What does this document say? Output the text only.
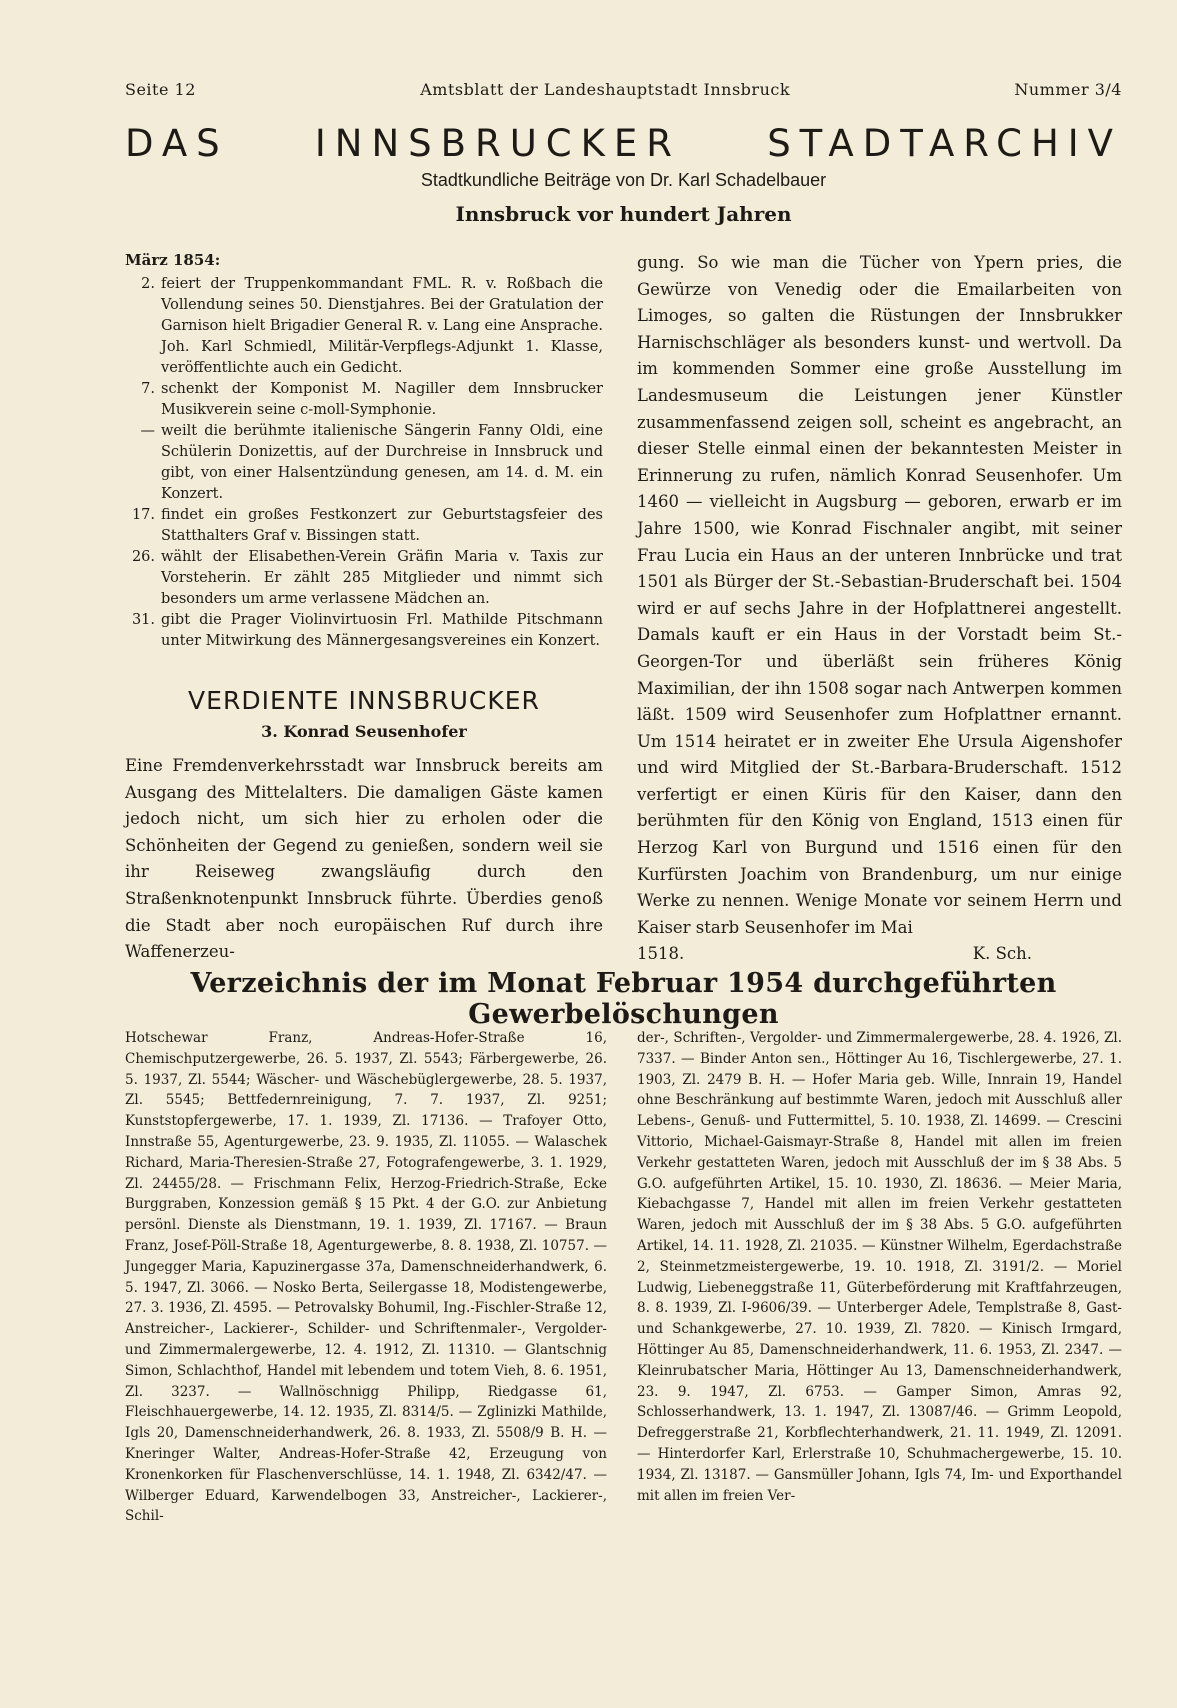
Seite 12	Amtsblatt der Landeshauptstadt Innsbruck	Nummer 3/4
DAS INNSBRUCKER STADTARCHIV
Stadtkundliche Beiträge von Dr. Karl Schadelbauer
Innsbruck vor hundert Jahren

März 1854:

2. feiert der Truppenkommandant FML. R. v. Roßbach die Vollendung seines 50. Dienstjahres. Bei der Gratulation der Garnison hielt Brigadier General R. v. Lang eine Ansprache. Joh. Karl Schmiedl, Militär-Verpflegs-Adjunkt 1. Klasse, veröffentlichte auch ein Gedicht.
7. schenkt der Komponist M. Nagiller dem Innsbrucker Musikverein seine c-moll-Symphonie.
— weilt die berühmte italienische Sängerin Fanny Oldi, eine Schülerin Donizettis, auf der Durchreise in Innsbruck und gibt, von einer Halsentzündung genesen, am 14. d. M. ein Konzert.
17. findet ein großes Festkonzert zur Geburtstagsfeier des Statthalters Graf v. Bissingen statt.
26. wählt der Elisabethen-Verein Gräfin Maria v. Taxis zur Vorsteherin. Er zählt 285 Mitglieder und nimmt sich besonders um arme verlassene Mädchen an.
31. gibt die Prager Violinvirtuosin Frl. Mathilde Pitschmann unter Mitwirkung des Männergesangsvereines ein Konzert.
VERDIENTE INNSBRUCKER
3. Konrad Seusenhofer

Eine Fremdenverkehrsstadt war Innsbruck bereits am Ausgang des Mittelalters. Die damaligen Gäste kamen jedoch nicht, um sich hier zu erholen oder die Schönheiten der Gegend zu genießen, sondern weil sie ihr Reiseweg zwangsläufig durch den Straßenknotenpunkt Innsbruck führte. Überdies genoß die Stadt aber noch europäischen Ruf durch ihre Waffenerzeu-

gung. So wie man die Tücher von Ypern pries, die Gewürze von Venedig oder die Emailarbeiten von Limoges, so galten die Rüstungen der Innsbrukker Harnischschläger als besonders kunst- und wertvoll. Da im kommenden Sommer eine große Ausstellung im Landesmuseum die Leistungen jener Künstler zusammenfassend zeigen soll, scheint es angebracht, an dieser Stelle einmal einen der bekanntesten Meister in Erinnerung zu rufen, nämlich Konrad Seusenhofer. Um 1460 — vielleicht in Augsburg — geboren, erwarb er im Jahre 1500, wie Konrad Fischnaler angibt, mit seiner Frau Lucia ein Haus an der unteren Innbrücke und trat 1501 als Bürger der St.-Sebastian-Bruderschaft bei. 1504 wird er auf sechs Jahre in der Hofplattnerei angestellt. Damals kauft er ein Haus in der Vorstadt beim St.-Georgen-Tor und überläßt sein früheres König Maximilian, der ihn 1508 sogar nach Antwerpen kommen läßt. 1509 wird Seusenhofer zum Hofplattner ernannt. Um 1514 heiratet er in zweiter Ehe Ursula Aigenshofer und wird Mitglied der St.-Barbara-Bruderschaft. 1512 verfertigt er einen Küris für den Kaiser, dann den berühmten für den König von England, 1513 einen für Herzog Karl von Burgund und 1516 einen für den Kurfürsten Joachim von Brandenburg, um nur einige Werke zu nennen. Wenige Monate vor seinem Herrn und Kaiser starb Seusenhofer im Mai

1518.	K. Sch.
Verzeichnis der im Monat Februar 1954 durchgeführten Gewerbelöschungen

Hotschewar Franz, Andreas-Hofer-Straße 16, Chemischputzergewerbe, 26. 5. 1937, Zl. 5543; Färbergewerbe, 26. 5. 1937, Zl. 5544; Wäscher- und Wäschebüglergewerbe, 28. 5. 1937, Zl. 5545; Bettfedernreinigung, 7. 7. 1937, Zl. 9251; Kunststopfergewerbe, 17. 1. 1939, Zl. 17136. — Trafoyer Otto, Innstraße 55, Agenturgewerbe, 23. 9. 1935, Zl. 11055. — Walaschek Richard, Maria-Theresien-Straße 27, Fotografengewerbe, 3. 1. 1929, Zl. 24455/28. — Frischmann Felix, Herzog-Friedrich-Straße, Ecke Burggraben, Konzession gemäß § 15 Pkt. 4 der G.O. zur Anbietung persönl. Dienste als Dienstmann, 19. 1. 1939, Zl. 17167. — Braun Franz, Josef-Pöll-Straße 18, Agenturgewerbe, 8. 8. 1938, Zl. 10757. — Jungegger Maria, Kapuzinergasse 37a, Damenschneiderhandwerk, 6. 5. 1947, Zl. 3066. — Nosko Berta, Seilergasse 18, Modistengewerbe, 27. 3. 1936, Zl. 4595. — Petrovalsky Bohumil, Ing.-Fischler-Straße 12, Anstreicher-, Lackierer-, Schilder- und Schriftenmaler-, Vergolder- und Zimmermalergewerbe, 12. 4. 1912, Zl. 11310. — Glantschnig Simon, Schlachthof, Handel mit lebendem und totem Vieh, 8. 6. 1951, Zl. 3237. — Wallnöschnigg Philipp, Riedgasse 61, Fleischhauergewerbe, 14. 12. 1935, Zl. 8314/5. — Zglinizki Mathilde, Igls 20, Damenschneiderhandwerk, 26. 8. 1933, Zl. 5508/9 B. H. — Kneringer Walter, Andreas-Hofer-Straße 42, Erzeugung von Kronenkorken für Flaschenverschlüsse, 14. 1. 1948, Zl. 6342/47. — Wilberger Eduard, Karwendelbogen 33, Anstreicher-, Lackierer-, Schil-

der-, Schriften-, Vergolder- und Zimmermalergewerbe, 28. 4. 1926, Zl. 7337. — Binder Anton sen., Höttinger Au 16, Tischlergewerbe, 27. 1. 1903, Zl. 2479 B. H. — Hofer Maria geb. Wille, Innrain 19, Handel ohne Beschränkung auf bestimmte Waren, jedoch mit Ausschluß aller Lebens-, Genuß- und Futtermittel, 5. 10. 1938, Zl. 14699. — Crescini Vittorio, Michael-Gaismayr-Straße 8, Handel mit allen im freien Verkehr gestatteten Waren, jedoch mit Ausschluß der im § 38 Abs. 5 G.O. aufgeführten Artikel, 15. 10. 1930, Zl. 18636. — Meier Maria, Kiebachgasse 7, Handel mit allen im freien Verkehr gestatteten Waren, jedoch mit Ausschluß der im § 38 Abs. 5 G.O. aufgeführten Artikel, 14. 11. 1928, Zl. 21035. — Künstner Wilhelm, Egerdachstraße 2, Steinmetzmeistergewerbe, 19. 10. 1918, Zl. 3191/2. — Moriel Ludwig, Liebeneggstraße 11, Güterbeförderung mit Kraftfahrzeugen, 8. 8. 1939, Zl. I-9606/39. — Unterberger Adele, Templstraße 8, Gast- und Schankgewerbe, 27. 10. 1939, Zl. 7820. — Kinisch Irmgard, Höttinger Au 85, Damenschneiderhandwerk, 11. 6. 1953, Zl. 2347. — Kleinrubatscher Maria, Höttinger Au 13, Damenschneiderhandwerk, 23. 9. 1947, Zl. 6753. — Gamper Simon, Amras 92, Schlosserhandwerk, 13. 1. 1947, Zl. 13087/46. — Grimm Leopold, Defreggerstraße 21, Korbflechterhandwerk, 21. 11. 1949, Zl. 12091. — Hinterdorfer Karl, Erlerstraße 10, Schuhmachergewerbe, 15. 10. 1934, Zl. 13187. — Gansmüller Johann, Igls 74, Im- und Exporthandel mit allen im freien Ver-
